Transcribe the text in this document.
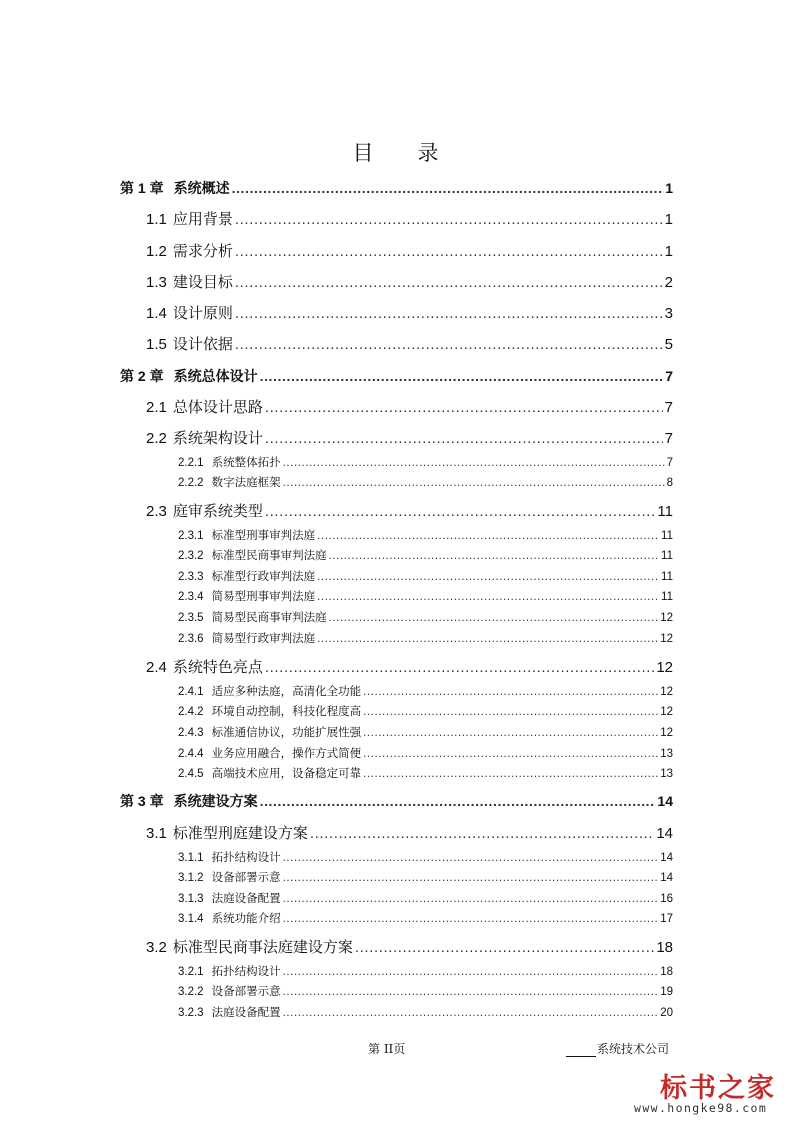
目 录
第 1 章 系统概述 .....	1
1.1 应用背景 .....	1
1.2 需求分析 .....	1
1.3 建设目标 .....	2
1.4 设计原则 .....	3
1.5 设计依据 .....	5
第 2 章 系统总体设计 .....	7
2.1 总体设计思路 .....	7
2.2 系统架构设计 .....	7
2.2.1 系统整体拓扑 .....	7
2.2.2 数字法庭框架 .....	8
2.3 庭审系统类型 .....	11
2.3.1 标准型刑事审判法庭 .....	11
2.3.2 标准型民商事审判法庭 .....	11
2.3.3 标准型行政审判法庭 .....	11
2.3.4 简易型刑事审判法庭 .....	11
2.3.5 简易型民商事审判法庭 .....	12
2.3.6 简易型行政审判法庭 .....	12
2.4 系统特色亮点 .....	12
2.4.1 适应多种法庭，高清化全功能 .....	12
2.4.2 环境自动控制，科技化程度高 .....	12
2.4.3 标准通信协议，功能扩展性强 .....	12
2.4.4 业务应用融合，操作方式简便 .....	13
2.4.5 高端技术应用，设备稳定可靠 .....	13
第 3 章 系统建设方案 .....	14
3.1 标准型刑庭建设方案 .....	14
3.1.1 拓扑结构设计 .....	14
3.1.2 设备部署示意 .....	14
3.1.3 法庭设备配置 .....	16
3.1.4 系统功能介绍 .....	17
3.2 标准型民商事法庭建设方案 .....	18
3.2.1 拓扑结构设计 .....	18
3.2.2 设备部署示意 .....	19
3.2.3 法庭设备配置 .....	20
第 II页	系统技术公司
标书之家
www.hongke98.com
